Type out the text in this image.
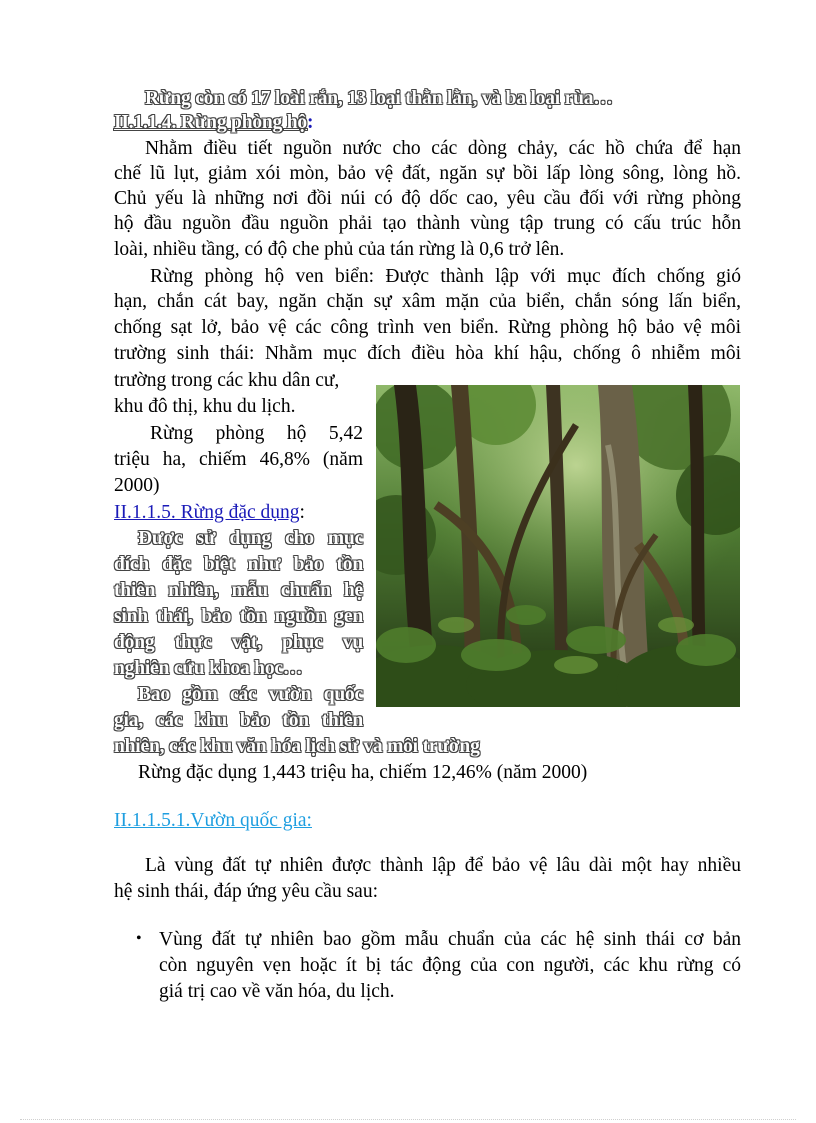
Rừng còn có 17 loài rắn, 13 loại thằn lằn, và ba loại rùa…
II.1.1.4. Rừng phòng hộ:
Nhằm điều tiết nguồn nước cho các dòng chảy, các hồ chứa để hạn
chế lũ lụt, giảm xói mòn, bảo vệ đất, ngăn sự bồi lấp lòng sông, lòng hồ.
Chủ yếu là những nơi đồi núi có độ dốc cao, yêu cầu đối với rừng phòng
hộ đầu nguồn đầu nguồn phải tạo thành vùng tập trung có cấu trúc hỗn
loài, nhiều tầng, có độ che phủ của tán rừng là 0,6 trở lên.
Rừng phòng hộ ven biển: Được thành lập với mục đích chống gió
hạn, chắn cát bay, ngăn chặn sự xâm mặn của biển, chắn sóng lấn biển,
chống sạt lở, bảo vệ các công trình ven biển. Rừng phòng hộ bảo vệ môi
trường sinh thái: Nhằm mục đích điều hòa khí hậu, chống ô nhiễm môi
trường trong các khu dân cư,
khu đô thị, khu du lịch.
Rừng phòng hộ 5,42
triệu ha, chiếm 46,8% (năm
2000)
II.1.1.5. Rừng đặc dụng:
Được sử dụng cho mục
đích đặc biệt như bảo tồn
thiên nhiên, mẫu chuẩn hệ
sinh thái, bảo tồn nguồn gen
động thực vật, phục vụ
nghiên cứu khoa học…
Bao gồm các vườn quốc
gia, các khu bảo tồn thiên
nhiên, các khu văn hóa lịch sử và môi trường
Rừng đặc dụng 1,443 triệu ha, chiếm 12,46% (năm 2000)
II.1.1.5.1.Vườn quốc gia:
Là vùng đất tự nhiên được thành lập để bảo vệ lâu dài một hay nhiều
hệ sinh thái, đáp ứng yêu cầu sau:
• Vùng đất tự nhiên bao gồm mẫu chuẩn của các hệ sinh thái cơ bản
còn nguyên vẹn hoặc ít bị tác động của con người, các khu rừng có
giá trị cao về văn hóa, du lịch.
